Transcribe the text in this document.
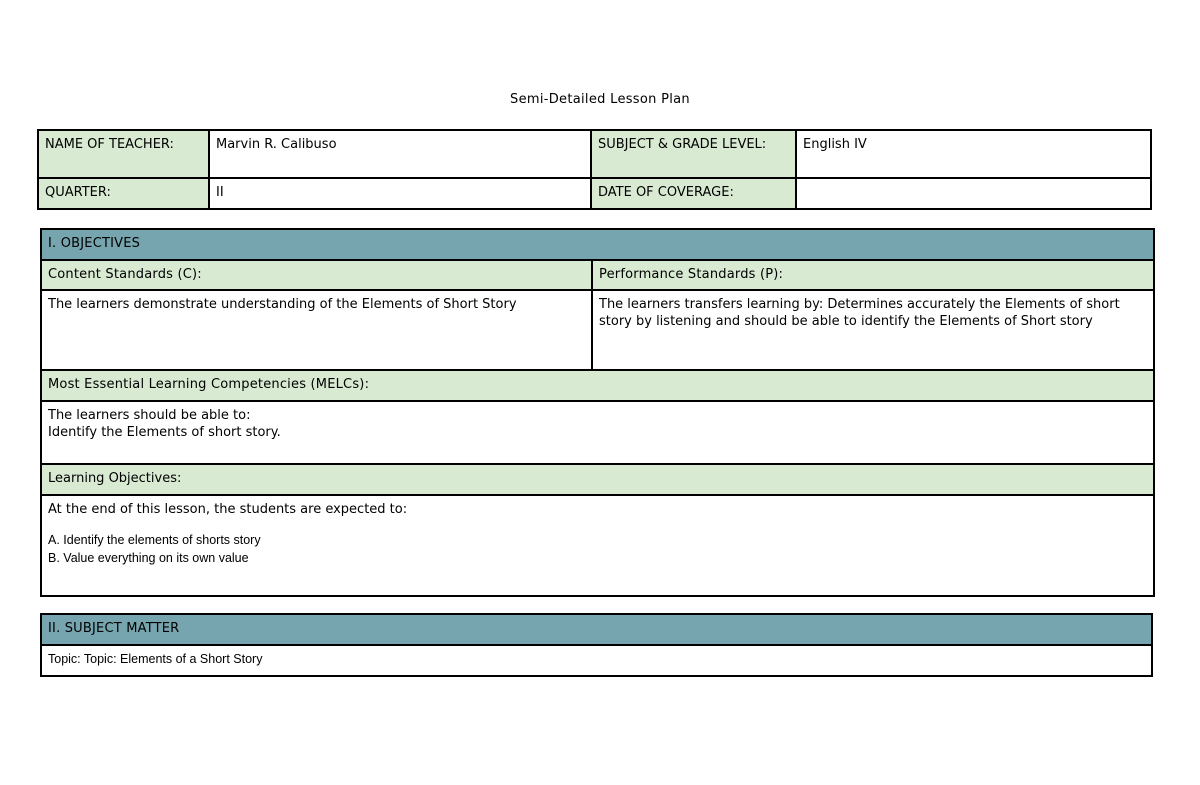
Semi-Detailed Lesson Plan
NAME OF TEACHER:	Marvin R. Calibuso	SUBJECT & GRADE LEVEL:	English IV
QUARTER:	II	DATE OF COVERAGE:	
I. OBJECTIVES	
Content Standards (C):	Performance Standards (P):
The learners demonstrate understanding of the Elements of Short Story	The learners transfers learning by: Determines accurately the Elements of short story by listening and should be able to identify the Elements of Short story
Most Essential Learning Competencies (MELCs):	

The learners should be able to:
Identify the Elements of short story.	

Learning Objectives:	

At the end of this lesson, the students are expected to:
A. Identify the elements of shorts story
B. Value everything on its own value	
II. SUBJECT MATTER
Topic: Topic: Elements of a Short Story
